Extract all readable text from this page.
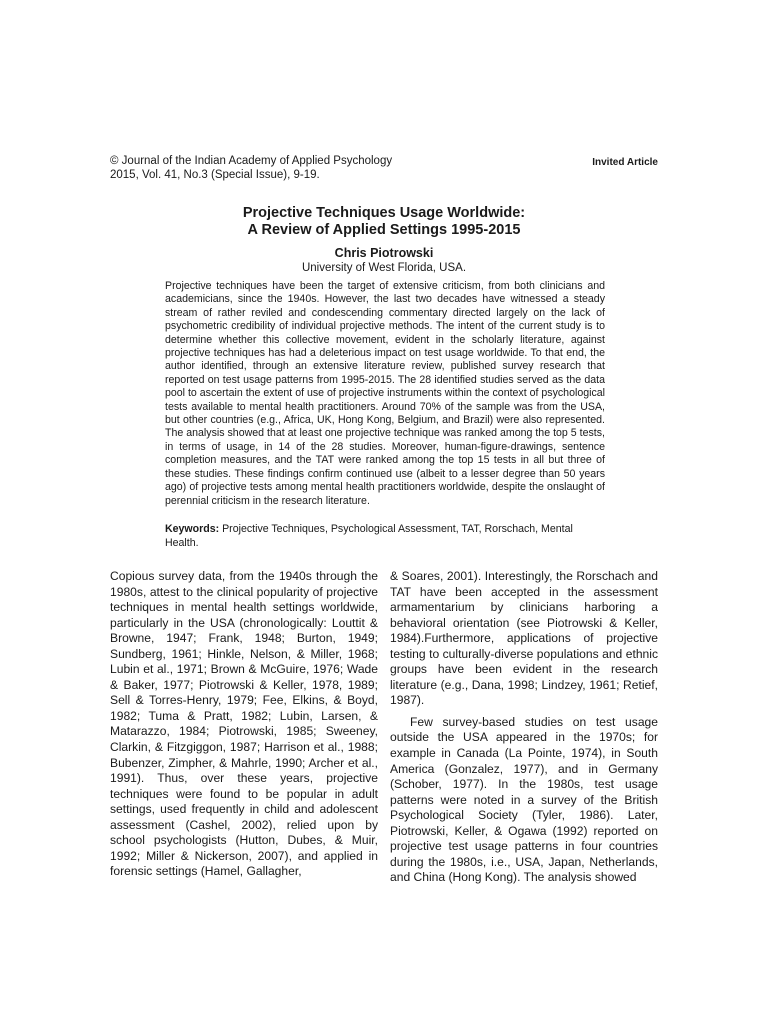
© Journal of the Indian Academy of Applied Psychology
2015, Vol. 41, No.3 (Special Issue), 9-19.
Invited Article
Projective Techniques Usage Worldwide:
A Review of Applied Settings 1995-2015
Chris Piotrowski
University of West Florida, USA.

Projective techniques have been the target of extensive criticism, from both clinicians and academicians, since the 1940s. However, the last two decades have witnessed a steady stream of rather reviled and condescending commentary directed largely on the lack of psychometric credibility of individual projective methods. The intent of the current study is to determine whether this collective movement, evident in the scholarly literature, against projective techniques has had a deleterious impact on test usage worldwide. To that end, the author identified, through an extensive literature review, published survey research that reported on test usage patterns from 1995-2015. The 28 identified studies served as the data pool to ascertain the extent of use of projective instruments within the context of psychological tests available to mental health practitioners. Around 70% of the sample was from the USA, but other countries (e.g., Africa, UK, Hong Kong, Belgium, and Brazil) were also represented. The analysis showed that at least one projective technique was ranked among the top 5 tests, in terms of usage, in 14 of the 28 studies. Moreover, human-figure-drawings, sentence completion measures, and the TAT were ranked among the top 15 tests in all but three of these studies. These findings confirm continued use (albeit to a lesser degree than 50 years ago) of projective tests among mental health practitioners worldwide, despite the onslaught of perennial criticism in the research literature.

Keywords: Projective Techniques, Psychological Assessment, TAT, Rorschach, Mental Health.

Copious survey data, from the 1940s through the 1980s, attest to the clinical popularity of projective techniques in mental health settings worldwide, particularly in the USA (chronologically: Louttit & Browne, 1947; Frank, 1948; Burton, 1949; Sundberg, 1961; Hinkle, Nelson, & Miller, 1968; Lubin et al., 1971; Brown & McGuire, 1976; Wade & Baker, 1977; Piotrowski & Keller, 1978, 1989; Sell & Torres-Henry, 1979; Fee, Elkins, & Boyd, 1982; Tuma & Pratt, 1982; Lubin, Larsen, & Matarazzo, 1984; Piotrowski, 1985; Sweeney, Clarkin, & Fitzgiggon, 1987; Harrison et al., 1988; Bubenzer, Zimpher, & Mahrle, 1990; Archer et al., 1991). Thus, over these years, projective techniques were found to be popular in adult settings, used frequently in child and adolescent assessment (Cashel, 2002), relied upon by school psychologists (Hutton, Dubes, & Muir, 1992; Miller & Nickerson, 2007), and applied in forensic settings (Hamel, Gallagher,

& Soares, 2001). Interestingly, the Rorschach and TAT have been accepted in the assessment armamentarium by clinicians harboring a behavioral orientation (see Piotrowski & Keller, 1984).Furthermore, applications of projective testing to culturally-diverse populations and ethnic groups have been evident in the research literature (e.g., Dana, 1998; Lindzey, 1961; Retief, 1987).

Few survey-based studies on test usage outside the USA appeared in the 1970s; for example in Canada (La Pointe, 1974), in South America (Gonzalez, 1977), and in Germany (Schober, 1977). In the 1980s, test usage patterns were noted in a survey of the British Psychological Society (Tyler, 1986). Later, Piotrowski, Keller, & Ogawa (1992) reported on projective test usage patterns in four countries during the 1980s, i.e., USA, Japan, Netherlands, and China (Hong Kong). The analysis showed
